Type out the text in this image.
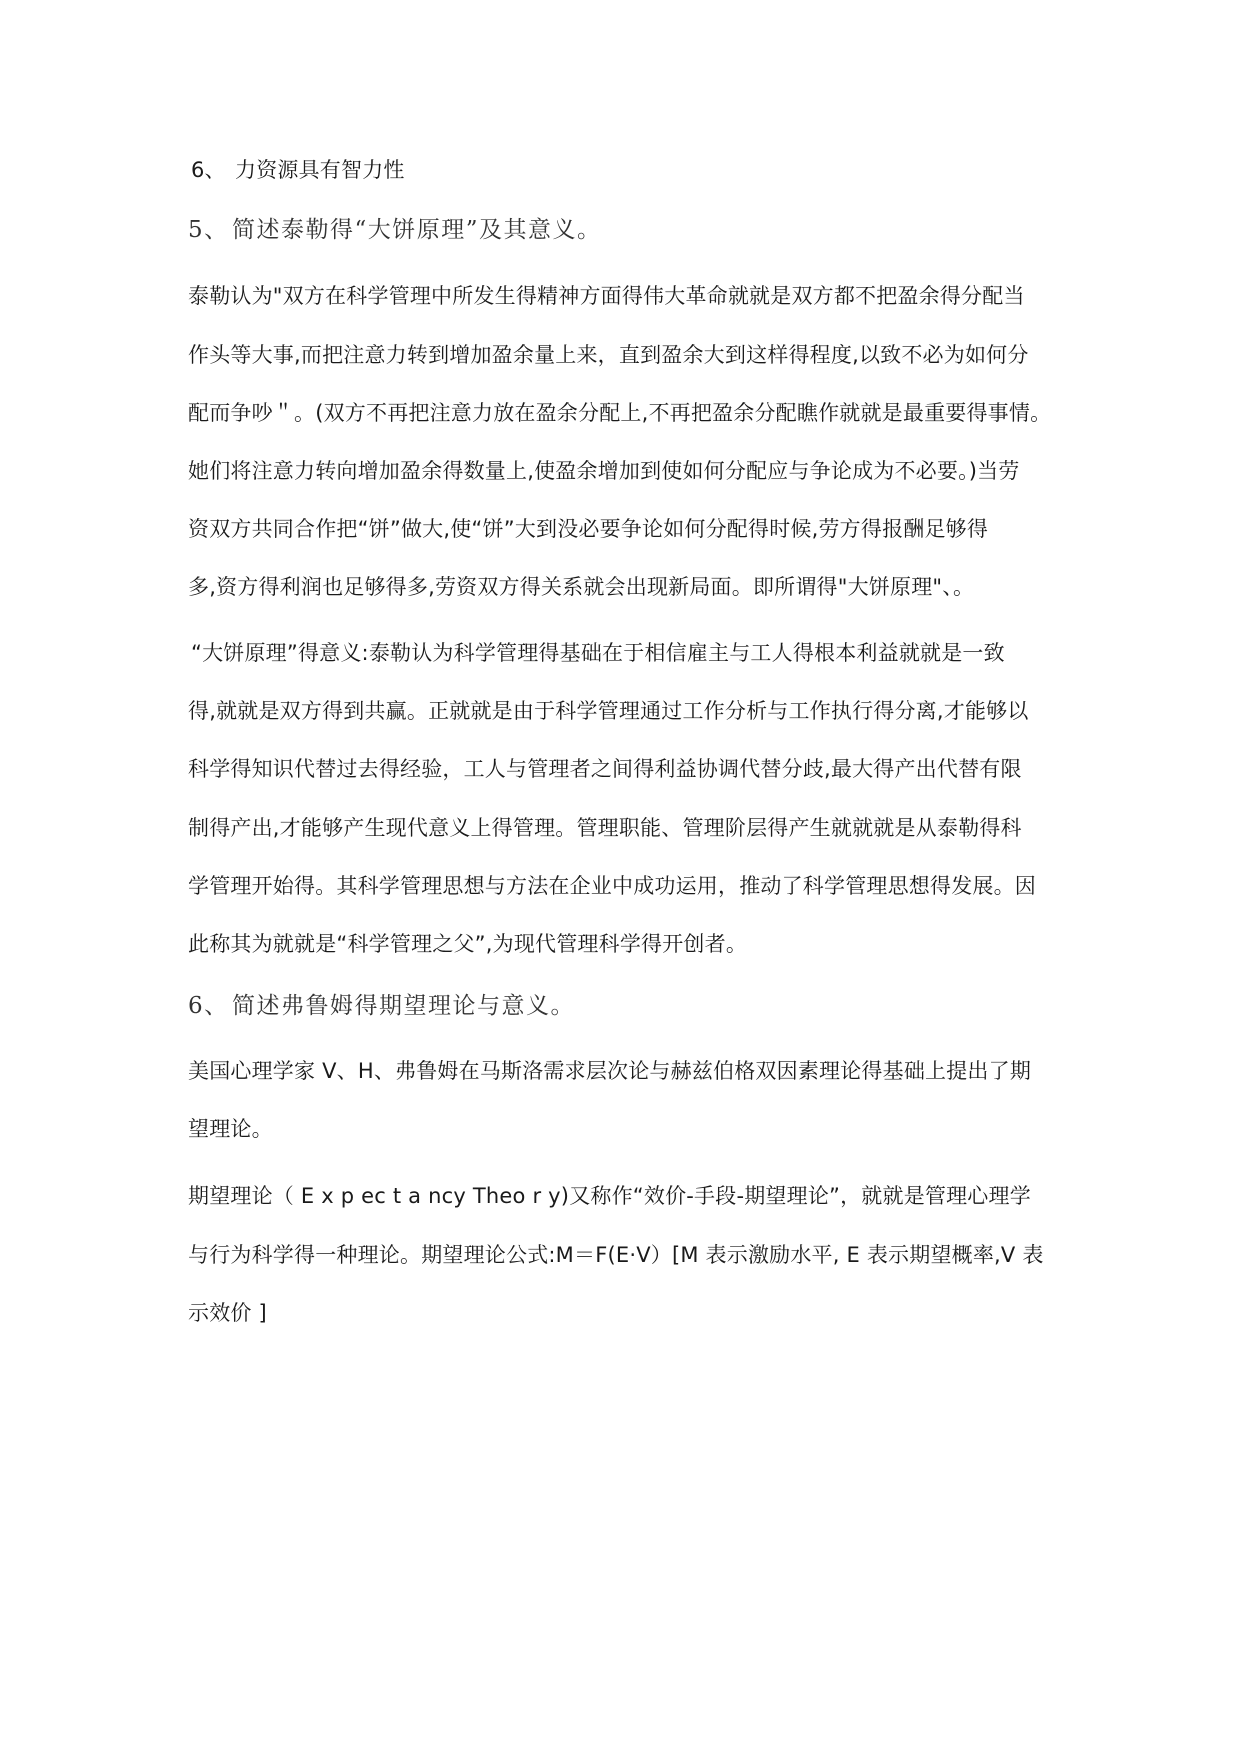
6、 力资源具有智力性
5、 简述泰勒得“大饼原理”及其意义。
泰勒认为"双方在科学管理中所发生得精神方面得伟大革命就就是双方都不把盈余得分配当
作头等大事,而把注意力转到增加盈余量上来，直到盈余大到这样得程度,以致不必为如何分
配而争吵＂。(双方不再把注意力放在盈余分配上,不再把盈余分配瞧作就就是最重要得事情。
她们将注意力转向增加盈余得数量上,使盈余增加到使如何分配应与争论成为不必要。)当劳
资双方共同合作把“饼”做大,使“饼”大到没必要争论如何分配得时候,劳方得报酬足够得
多,资方得利润也足够得多,劳资双方得关系就会出现新局面。即所谓得"大饼原理"、。
“大饼原理”得意义:泰勒认为科学管理得基础在于相信雇主与工人得根本利益就就是一致
得,就就是双方得到共赢。正就就是由于科学管理通过工作分析与工作执行得分离,才能够以
科学得知识代替过去得经验，工人与管理者之间得利益协调代替分歧,最大得产出代替有限
制得产出,才能够产生现代意义上得管理。管理职能、管理阶层得产生就就就是从泰勒得科
学管理开始得。其科学管理思想与方法在企业中成功运用，推动了科学管理思想得发展。因
此称其为就就是“科学管理之父”,为现代管理科学得开创者。
6、 简述弗鲁姆得期望理论与意义。
美国心理学家 V、H、弗鲁姆在马斯洛需求层次论与赫兹伯格双因素理论得基础上提出了期
望理论。
期望理论（ E x p ec t a ncy Theo r y)又称作“效价-手段-期望理论”，就就是管理心理学
与行为科学得一种理论。期望理论公式:M＝F(E·V）[M 表示激励水平, E 表示期望概率,V 表
示效价 ]
